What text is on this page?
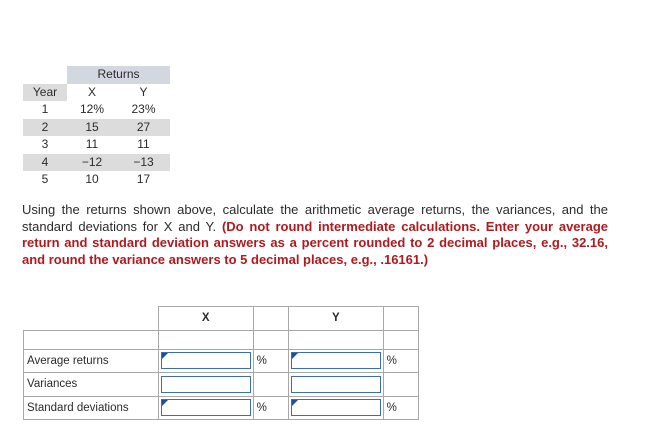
	Returns	
Year	X	Y
1	12%	23%
2	15	27
3	11	11
4	−12	−13
5	10	17

Using the returns shown above, calculate the arithmetic average returns, the variances, and the standard deviations for X and Y. (Do not round intermediate calculations. Enter your average return and standard deviation answers as a percent rounded to 2 decimal places, e.g., 32.16, and round the variance answers to 5 decimal places, e.g., .16161.)

	X		Y	

Average returns		%		%
Variances	

Standard deviations		%		%
